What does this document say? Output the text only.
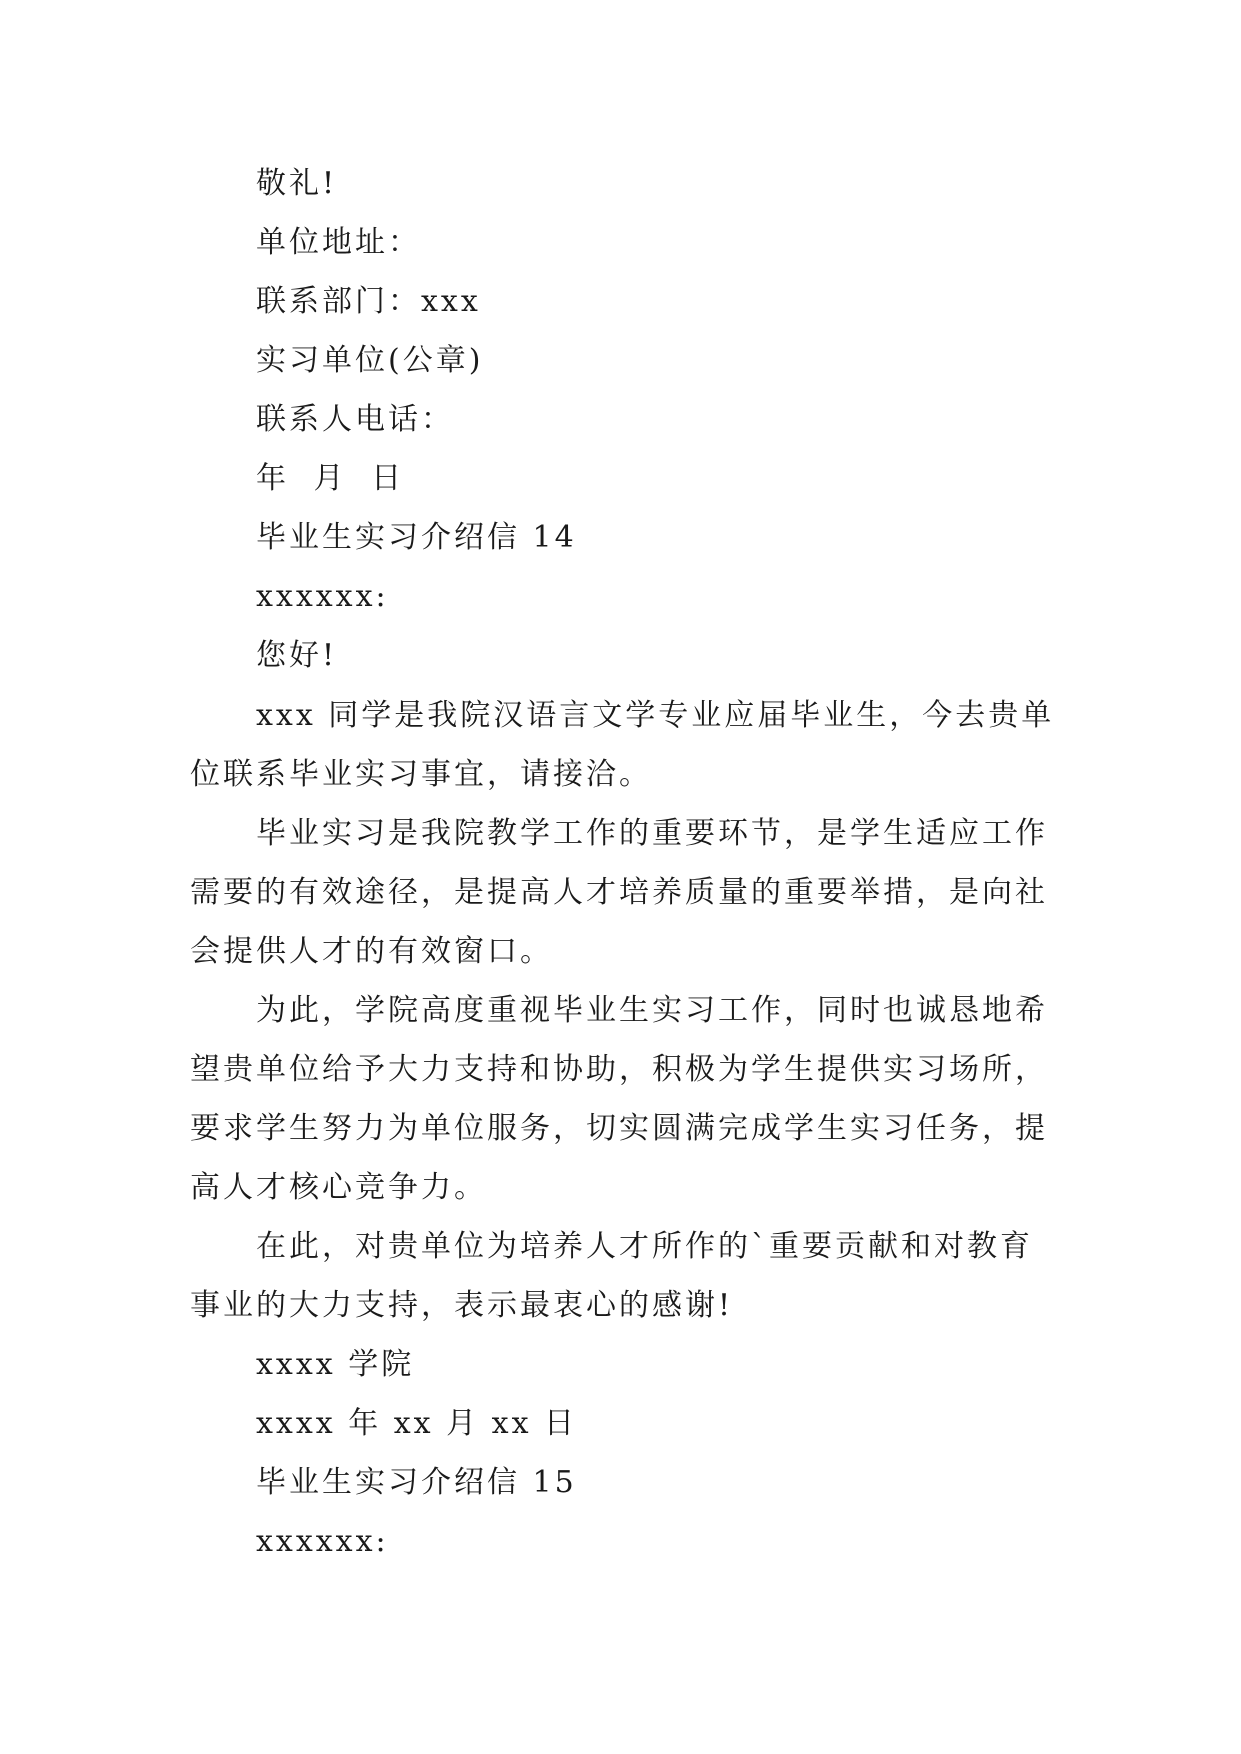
敬礼!
单位地址：
联系部门：xxx
实习单位(公章)
联系人电话：
年 月 日
毕业生实习介绍信 14
xxxxxx:
您好!
xxx 同学是我院汉语言文学专业应届毕业生，今去贵单
位联系毕业实习事宜，请接洽。
毕业实习是我院教学工作的重要环节，是学生适应工作
需要的有效途径，是提高人才培养质量的重要举措，是向社
会提供人才的有效窗口。
为此，学院高度重视毕业生实习工作，同时也诚恳地希
望贵单位给予大力支持和协助，积极为学生提供实习场所，
要求学生努力为单位服务，切实圆满完成学生实习任务，提
高人才核心竞争力。
在此，对贵单位为培养人才所作的`重要贡献和对教育
事业的大力支持，表示最衷心的感谢!
xxxx 学院
xxxx 年 xx 月 xx 日
毕业生实习介绍信 15
xxxxxx:
